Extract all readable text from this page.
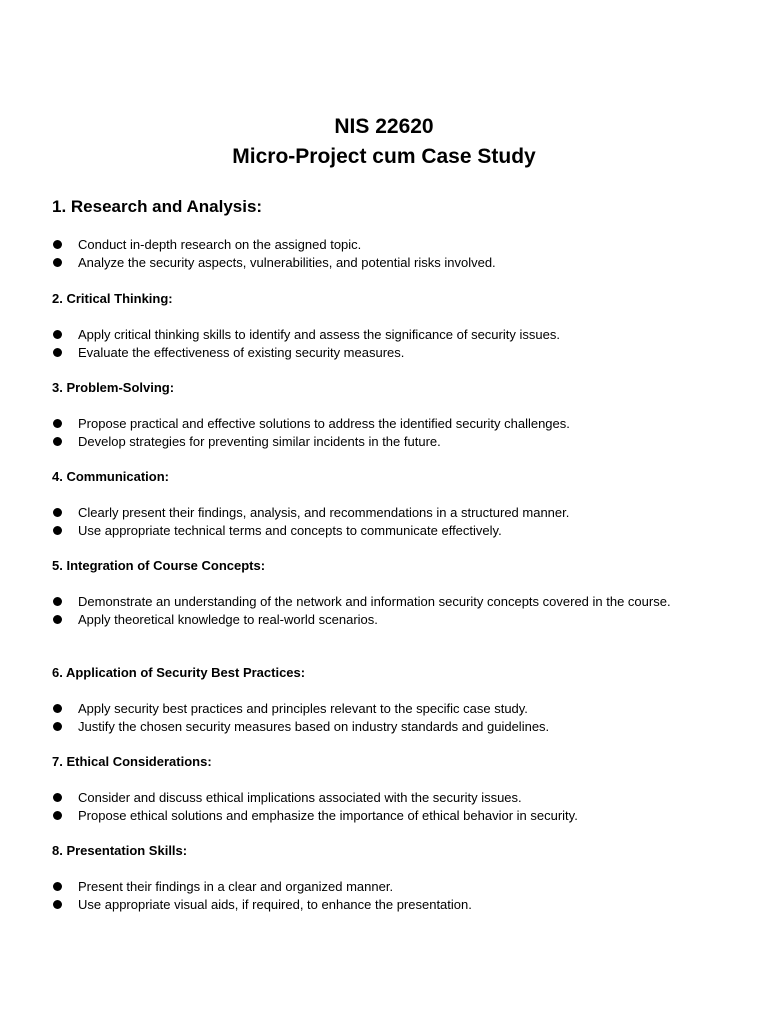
NIS 22620
Micro-Project cum Case Study
1. Research and Analysis:
Conduct in-depth research on the assigned topic.
Analyze the security aspects, vulnerabilities, and potential risks involved.
2. Critical Thinking:
Apply critical thinking skills to identify and assess the significance of security issues.
Evaluate the effectiveness of existing security measures.
3. Problem-Solving:
Propose practical and effective solutions to address the identified security challenges.
Develop strategies for preventing similar incidents in the future.
4. Communication:
Clearly present their findings, analysis, and recommendations in a structured manner.
Use appropriate technical terms and concepts to communicate effectively.
5. Integration of Course Concepts:
Demonstrate an understanding of the network and information security concepts covered in the course.
Apply theoretical knowledge to real-world scenarios.
6. Application of Security Best Practices:
Apply security best practices and principles relevant to the specific case study.
Justify the chosen security measures based on industry standards and guidelines.
7. Ethical Considerations:
Consider and discuss ethical implications associated with the security issues.
Propose ethical solutions and emphasize the importance of ethical behavior in security.
8. Presentation Skills:
Present their findings in a clear and organized manner.
Use appropriate visual aids, if required, to enhance the presentation.
